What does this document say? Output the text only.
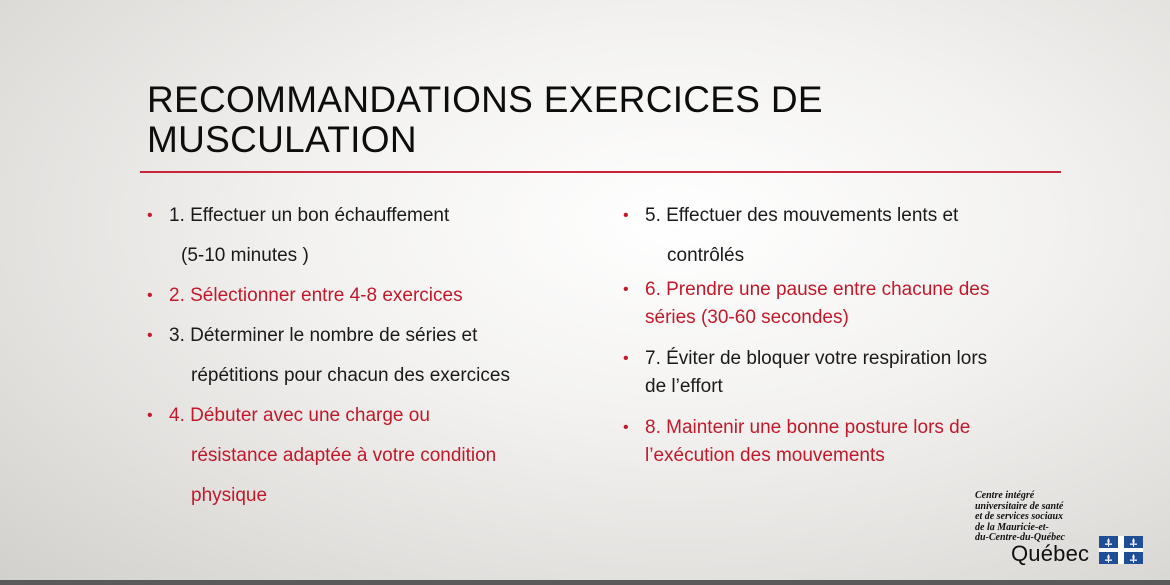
RECOMMANDATIONS EXERCICES DE
MUSCULATION
• 1. Effectuer un bon échauffement
(5-10 minutes )
• 2. Sélectionner entre 4-8 exercices
• 3. Déterminer le nombre de séries et
répétitions pour chacun des exercices
• 4. Débuter avec une charge ou
résistance adaptée à votre condition
physique
• 5. Effectuer des mouvements lents et
contrôlés
• 6. Prendre une pause entre chacune des
séries (30-60 secondes)
• 7. Éviter de bloquer votre respiration lors
de l’effort
• 8. Maintenir une bonne posture lors de
l’exécution des mouvements
Centre intégré
universitaire de santé
et de services sociaux
de la Mauricie-et-
du-Centre-du-Québec
Québec
